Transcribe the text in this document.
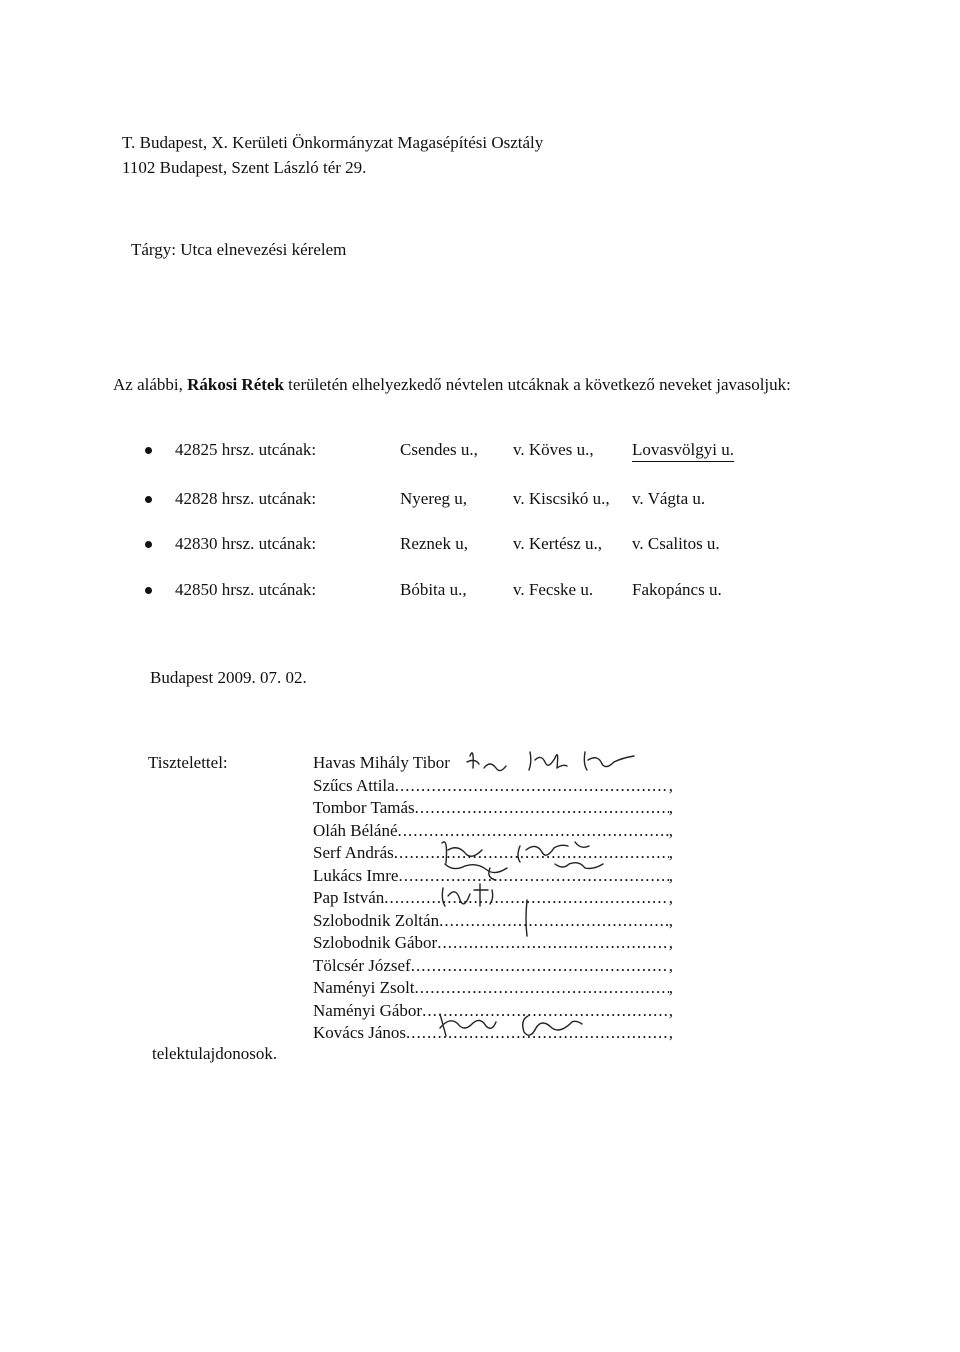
T. Budapest, X. Kerületi Önkormányzat Magasépítési Osztály
1102 Budapest, Szent László tér 29.
Tárgy: Utca elnevezési kérelem
Az alábbi, Rákosi Rétek területén elhelyezkedő névtelen utcáknak a következő neveket javasoljuk:
42825 hrsz. utcának:	Csendes u., v. Köves u., Lovasvölgyi u.
42828 hrsz. utcának:	Nyereg u,	v. Kiscsikó u., v. Vágta u.
42830 hrsz. utcának:	Reznek u,	v. Kertész u., v. Csalitos u.
42850 hrsz. utcának:	Bóbita u.,	v. Fecske u. Fakopáncs u.
Budapest 2009. 07. 02.
Tisztelettel:
telektulajdonosok.
Havas Mihály Tibor
Szűcs Attila .....	,
Tombor Tamás .....	,
Oláh Béláné .....	,
Serf András .....	,
Lukács Imre .....	,
Pap István .....	,
Szlobodnik Zoltán .....	,
Szlobodnik Gábor .....	,
Tölcsér József .....	,
Naményi Zsolt .....	,
Naményi Gábor .....	,
Kovács János .....	,
